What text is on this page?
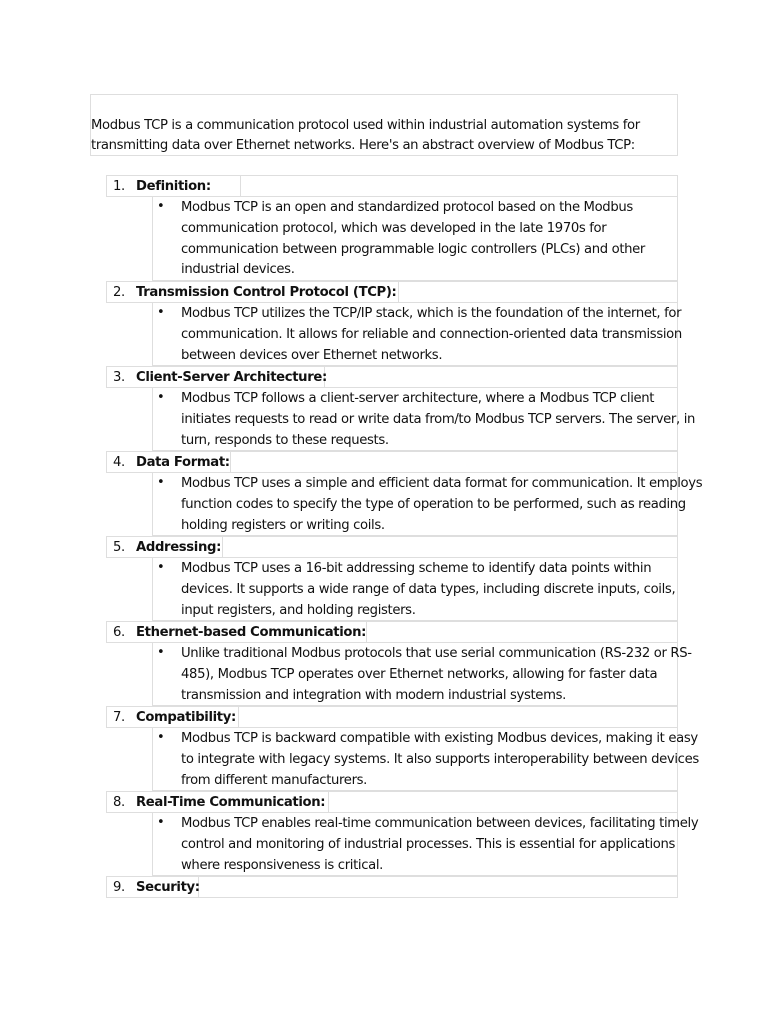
Modbus TCP is a communication protocol used within industrial automation systems for transmitting data over Ethernet networks. Here's an abstract overview of Modbus TCP:

1. Definition:
•	Modbus TCP is an open and standardized protocol based on the Modbus communication protocol, which was developed in the late 1970s for communication between programmable logic controllers (PLCs) and other industrial devices.

2. Transmission Control Protocol (TCP):
•	Modbus TCP utilizes the TCP/IP stack, which is the foundation of the internet, for communication. It allows for reliable and connection-oriented data transmission between devices over Ethernet networks.

3. Client-Server Architecture:
•	Modbus TCP follows a client-server architecture, where a Modbus TCP client initiates requests to read or write data from/to Modbus TCP servers. The server, in turn, responds to these requests.

4. Data Format:
•	Modbus TCP uses a simple and efficient data format for communication. It employs function codes to specify the type of operation to be performed, such as reading holding registers or writing coils.

5. Addressing:
•	Modbus TCP uses a 16-bit addressing scheme to identify data points within devices. It supports a wide range of data types, including discrete inputs, coils, input registers, and holding registers.

6. Ethernet-based Communication:
•	Unlike traditional Modbus protocols that use serial communication (RS-232 or RS-485), Modbus TCP operates over Ethernet networks, allowing for faster data transmission and integration with modern industrial systems.

7. Compatibility:
•	Modbus TCP is backward compatible with existing Modbus devices, making it easy to integrate with legacy systems. It also supports interoperability between devices from different manufacturers.

8. Real-Time Communication:
•	Modbus TCP enables real-time communication between devices, facilitating timely control and monitoring of industrial processes. This is essential for applications where responsiveness is critical.

9. Security:
